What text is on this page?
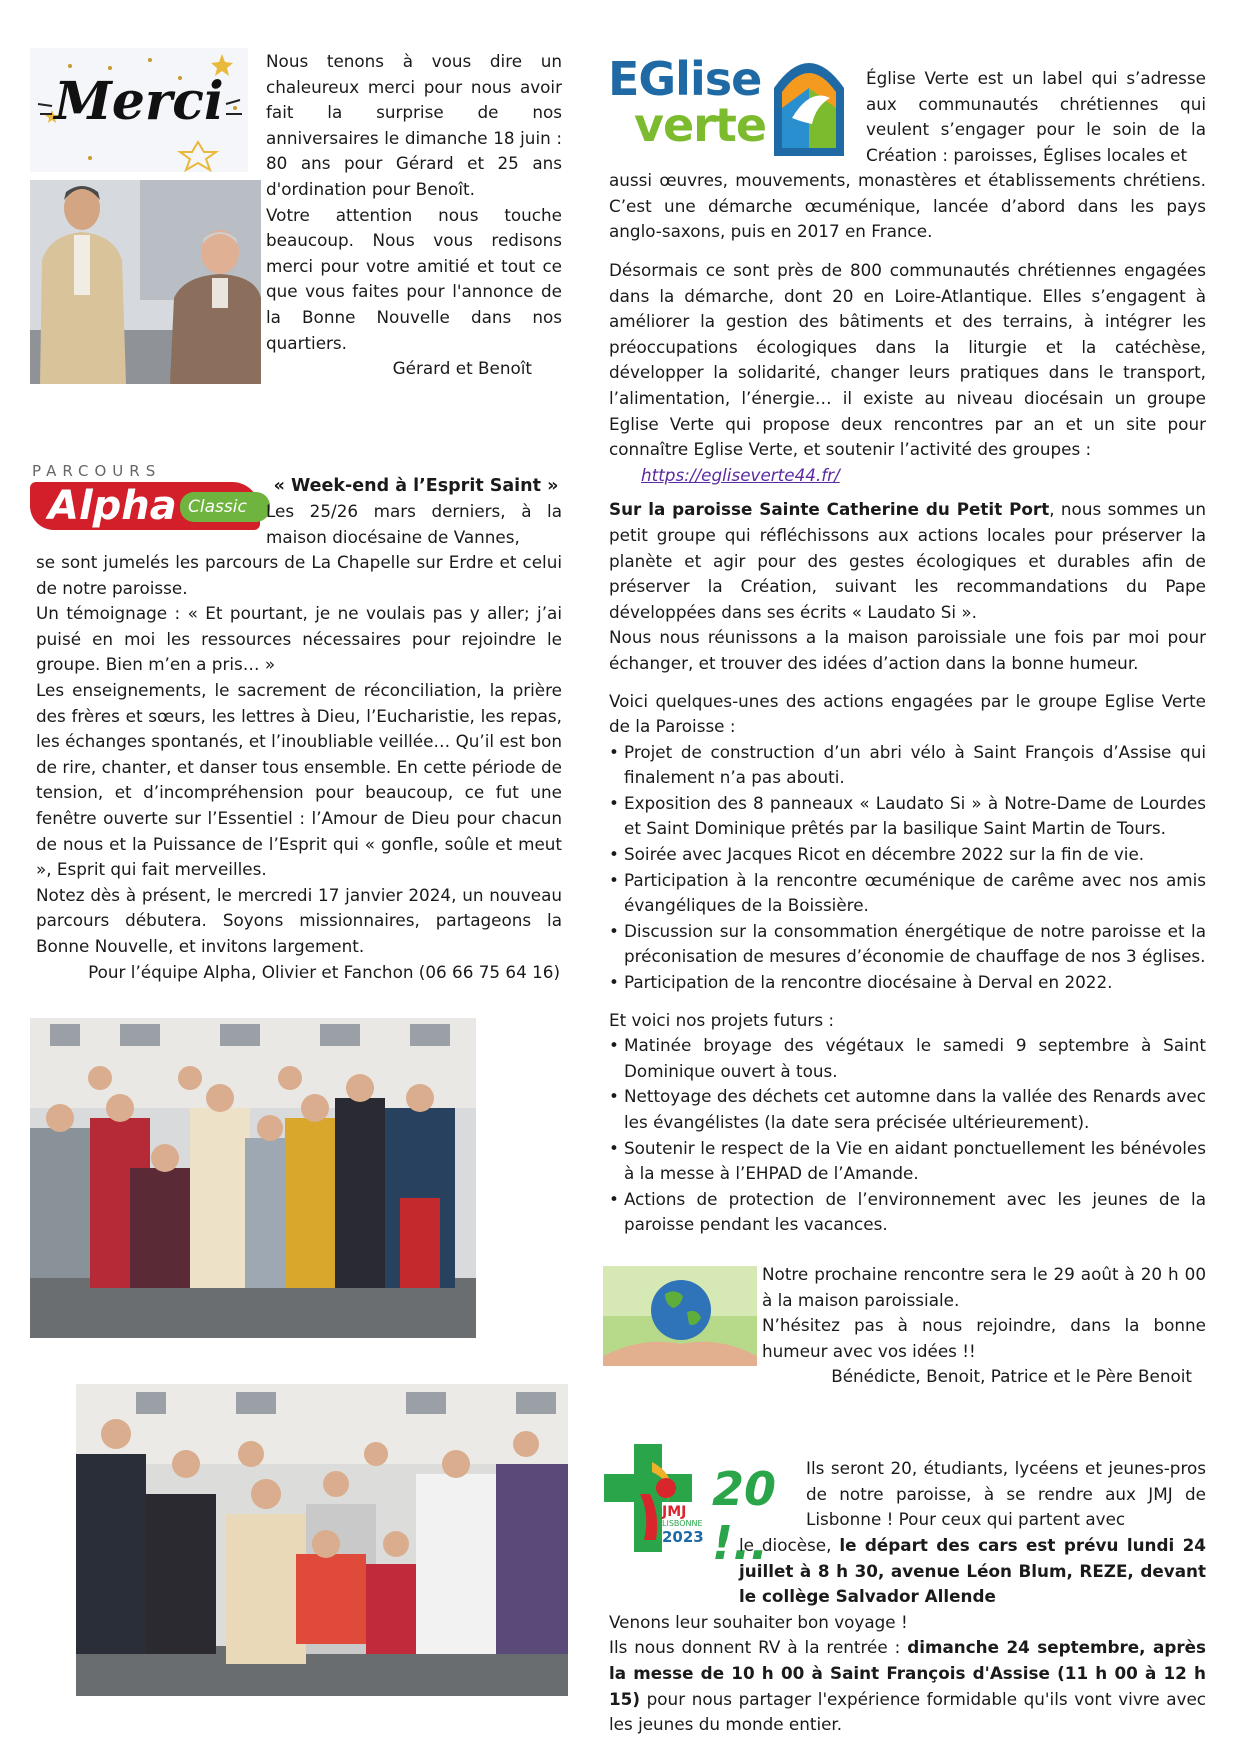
Merci

Nous tenons à vous dire un chaleureux merci pour nous avoir fait la surprise de nos anniversaires le dimanche 18 juin : 80 ans pour Gérard et 25 ans d'ordination pour Benoît.

Votre attention nous touche beaucoup. Nous vous redisons merci pour votre amitié et tout ce que vous faites pour l'annonce de la Bonne Nouvelle dans nos quartiers.

Gérard et Benoît

PARCOURS
Alpha Classic
« Week-end à l’Esprit Saint »
Les 25/26 mars derniers, à la maison diocésaine de Vannes,

se sont jumelés les parcours de La Chapelle sur Erdre et celui de notre paroisse.

Un témoignage : « Et pourtant, je ne voulais pas y aller; j’ai puisé en moi les ressources nécessaires pour rejoindre le groupe. Bien m’en a pris… »

Les enseignements, le sacrement de réconciliation, la prière des frères et sœurs, les lettres à Dieu, l’Eucharistie, les repas, les échanges spontanés, et l’inoubliable veillée… Qu’il est bon de rire, chanter, et danser tous ensemble. En cette période de tension, et d’incompréhension pour beaucoup, ce fut une fenêtre ouverte sur l’Essentiel : l’Amour de Dieu pour chacun de nous et la Puissance de l’Esprit qui « gonfle, soûle et meut », Esprit qui fait merveilles.

Notez dès à présent, le mercredi 17 janvier 2024, un nouveau parcours débutera. Soyons missionnaires, partageons la Bonne Nouvelle, et invitons largement.

Pour l’équipe Alpha, Olivier et Fanchon (06 66 75 64 16)

EGlise
verte

Église Verte est un label qui s’adresse aux communautés chrétiennes qui veulent s’engager pour le soin de la Création : paroisses, Églises locales et

aussi œuvres, mouvements, monastères et établissements chrétiens. C’est une démarche œcuménique, lancée d’abord dans les pays anglo-saxons, puis en 2017 en France.

Désormais ce sont près de 800 communautés chrétiennes engagées dans la démarche, dont 20 en Loire-Atlantique. Elles s’engagent à améliorer la gestion des bâtiments et des terrains, à intégrer les préoccupations écologiques dans la liturgie et la catéchèse, développer la solidarité, changer leurs pratiques dans le transport, l’alimentation, l’énergie… il existe au niveau diocésain un groupe Eglise Verte qui propose deux rencontres par an et un site pour connaître Eglise Verte, et soutenir l’activité des groupes :

https://egliseverte44.fr/

Sur la paroisse Sainte Catherine du Petit Port, nous sommes un petit groupe qui réfléchissons aux actions locales pour préserver la planète et agir pour des gestes écologiques et durables afin de préserver la Création, suivant les recommandations du Pape développées dans ses écrits « Laudato Si ».

Nous nous réunissons a la maison paroissiale une fois par moi pour échanger, et trouver des idées d’action dans la bonne humeur.

Voici quelques-unes des actions engagées par le groupe Eglise Verte de la Paroisse :

• Projet de construction d’un abri vélo à Saint François d’Assise qui finalement n’a pas abouti.
• Exposition des 8 panneaux « Laudato Si » à Notre-Dame de Lourdes et Saint Dominique prêtés par la basilique Saint Martin de Tours.
• Soirée avec Jacques Ricot en décembre 2022 sur la fin de vie.
• Participation à la rencontre œcuménique de carême avec nos amis évangéliques de la Boissière.
• Discussion sur la consommation énergétique de notre paroisse et la préconisation de mesures d’économie de chauffage de nos 3 églises.
• Participation de la rencontre diocésaine à Derval en 2022.

Et voici nos projets futurs :

• Matinée broyage des végétaux le samedi 9 septembre à Saint Dominique ouvert à tous.
• Nettoyage des déchets cet automne dans la vallée des Renards avec les évangélistes (la date sera précisée ultérieurement).
• Soutenir le respect de la Vie en aidant ponctuellement les bénévoles à la messe à l’EHPAD de l’Amande.
• Actions de protection de l’environnement avec les jeunes de la paroisse pendant les vacances.

Notre prochaine rencontre sera le 29 août à 20 h 00 à la maison paroissiale.

N’hésitez pas à nous rejoindre, dans la bonne humeur avec vos idées !!

Bénédicte, Benoit, Patrice et le Père Benoit
JMJ
LISBONNE
2023
20 !..

Ils seront 20, étudiants, lycéens et jeunes-pros de notre paroisse, à se rendre aux JMJ de Lisbonne ! Pour ceux qui partent avec

le diocèse, le départ des cars est prévu lundi 24 juillet à 8 h 30, avenue Léon Blum, REZE, devant le collège Salvador Allende

Venons leur souhaiter bon voyage !

Ils nous donnent RV à la rentrée : dimanche 24 septembre, après la messe de 10 h 00 à Saint François d'Assise (11 h 00 à 12 h 15) pour nous partager l'expérience formidable qu'ils vont vivre avec les jeunes du monde entier.
